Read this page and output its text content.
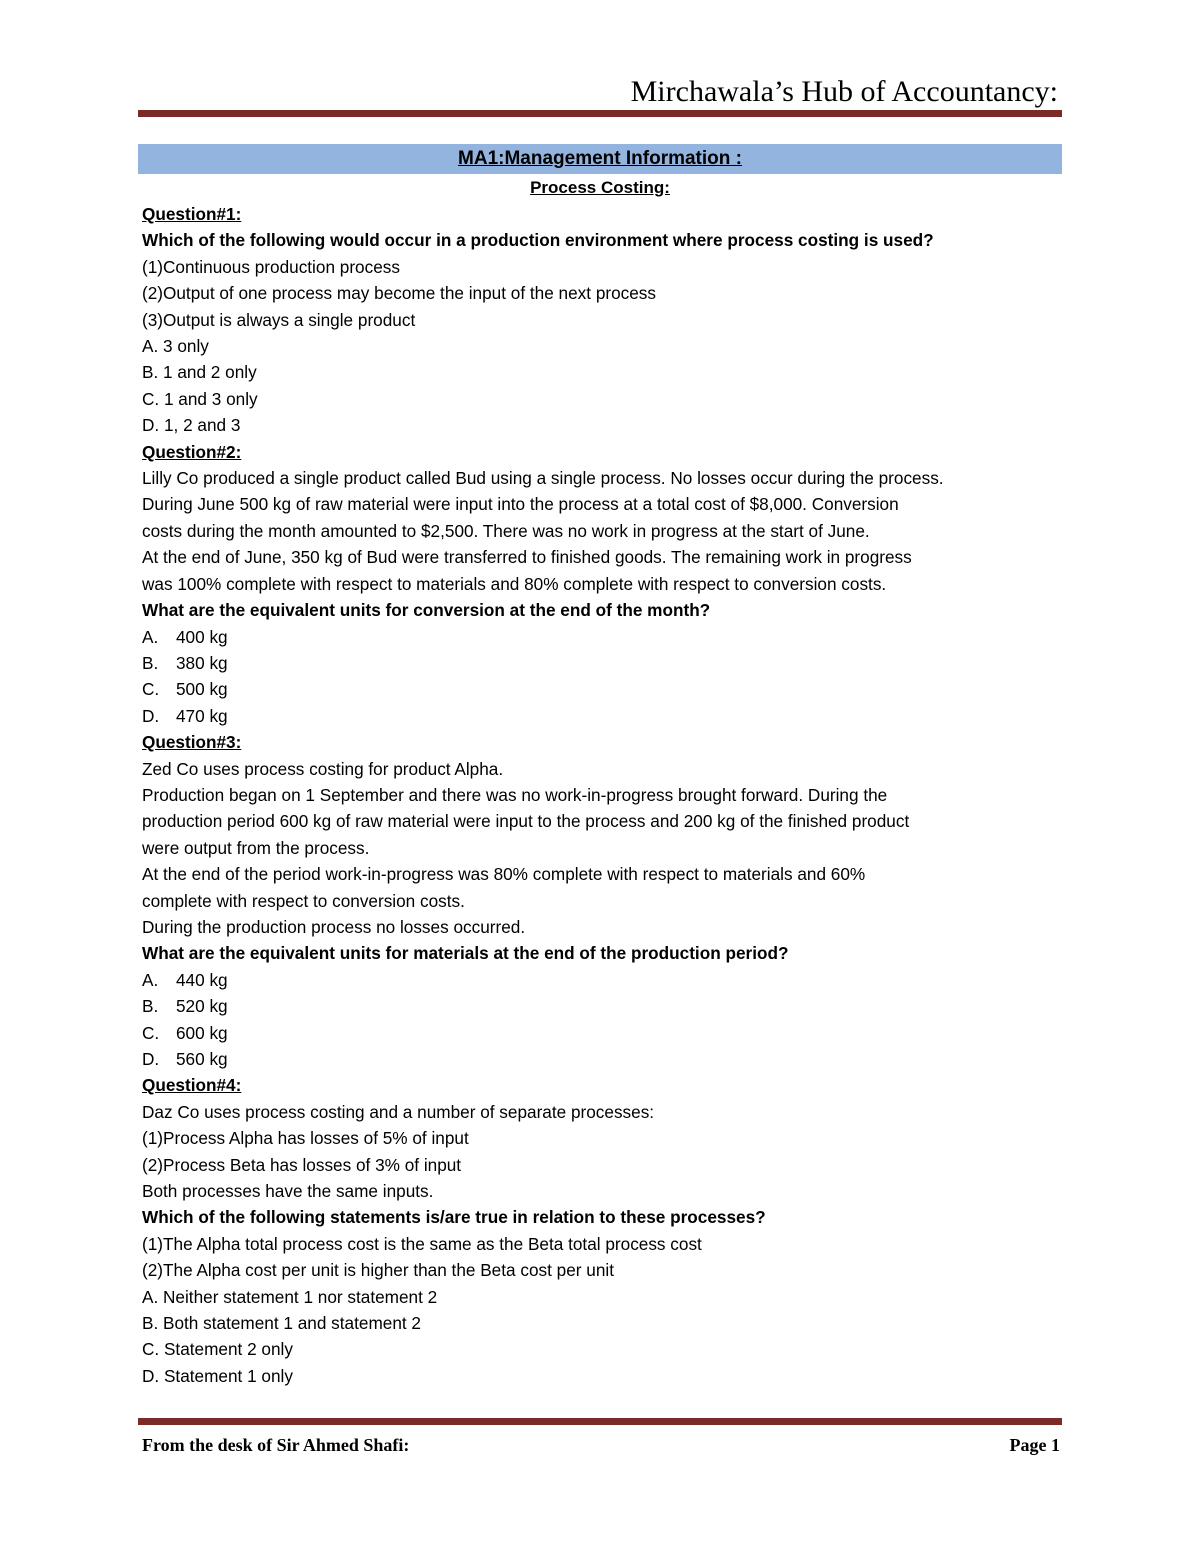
Mirchawala’s Hub of Accountancy:
MA1:Management Information :
Process Costing:
Question#1:
Which of the following would occur in a production environment where process costing is used?
(1)Continuous production process
(2)Output of one process may become the input of the next process
(3)Output is always a single product
A. 3 only
B. 1 and 2 only
C. 1 and 3 only
D. 1, 2 and 3
Question#2:
Lilly Co produced a single product called Bud using a single process. No losses occur during the process.
During June 500 kg of raw material were input into the process at a total cost of $8,000. Conversion
costs during the month amounted to $2,500. There was no work in progress at the start of June.
At the end of June, 350 kg of Bud were transferred to finished goods. The remaining work in progress
was 100% complete with respect to materials and 80% complete with respect to conversion costs.
What are the equivalent units for conversion at the end of the month?
A. 400 kg
B. 380 kg
C. 500 kg
D. 470 kg
Question#3:
Zed Co uses process costing for product Alpha.
Production began on 1 September and there was no work-in-progress brought forward. During the
production period 600 kg of raw material were input to the process and 200 kg of the finished product
were output from the process.
At the end of the period work-in-progress was 80% complete with respect to materials and 60%
complete with respect to conversion costs.
During the production process no losses occurred.
What are the equivalent units for materials at the end of the production period?
A. 440 kg
B. 520 kg
C. 600 kg
D. 560 kg
Question#4:
Daz Co uses process costing and a number of separate processes:
(1)Process Alpha has losses of 5% of input
(2)Process Beta has losses of 3% of input
Both processes have the same inputs.
Which of the following statements is/are true in relation to these processes?
(1)The Alpha total process cost is the same as the Beta total process cost
(2)The Alpha cost per unit is higher than the Beta cost per unit
A. Neither statement 1 nor statement 2
B. Both statement 1 and statement 2
C. Statement 2 only
D. Statement 1 only
From the desk of Sir Ahmed Shafi:	Page 1
